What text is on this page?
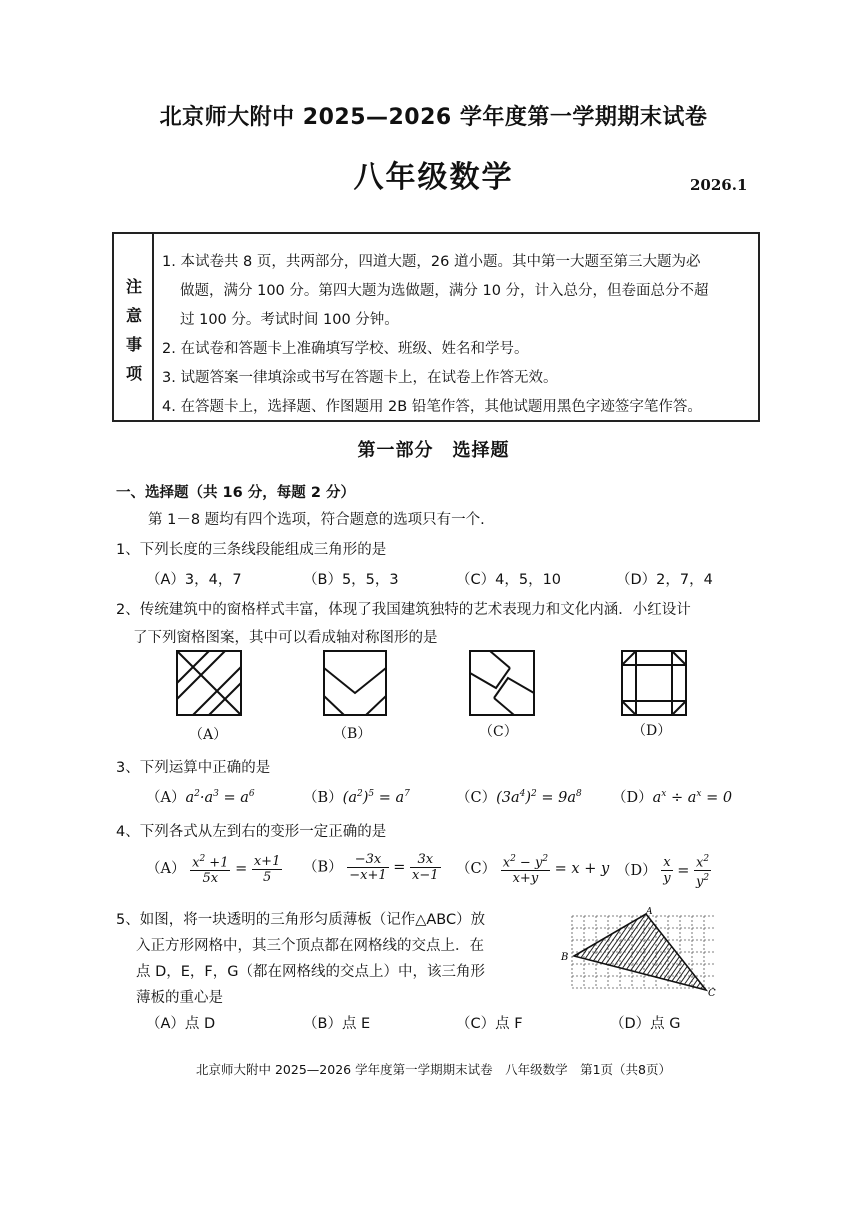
北京师大附中 2025—2026 学年度第一学期期末试卷
八年级数学	2026.1
注
意
事
项
1. 本试卷共 8 页，共两部分，四道大题，26 道小题。其中第一大题至第三大题为必
做题，满分 100 分。第四大题为选做题，满分 10 分，计入总分，但卷面总分不超
过 100 分。考试时间 100 分钟。
2. 在试卷和答题卡上准确填写学校、班级、姓名和学号。
3. 试题答案一律填涂或书写在答题卡上，在试卷上作答无效。
4. 在答题卡上，选择题、作图题用 2B 铅笔作答，其他试题用黑色字迹签字笔作答。
第一部分　选择题
一、选择题（共 16 分，每题 2 分）
第 1－8 题均有四个选项，符合题意的选项只有一个.
1、下列长度的三条线段能组成三角形的是
（A）3，4，7	（B）5，5，3	（C）4，5，10	（D）2，7，4
2、传统建筑中的窗格样式丰富，体现了我国建筑独特的艺术表现力和文化内涵．小红设计
了下列窗格图案，其中可以看成轴对称图形的是
（A）	（B）	（C）	（D）
3、下列运算中正确的是
$(A)a^2\cdot a^3 = a^6$	$(B)(a^2)^5 = a^7$	$(C)(3a^4)^2 = 9a^8$ $(D)a^x \div a^x = 0$
4、下列各式从左到右的变形一定正确的是
$(A) \frac{x^2 +1}{5x} = \frac{x+1}{5} (B) \frac{-3x}{-x+1} = \frac{3x}{x-1} (C) \frac{x^2 - y^2}{x+y} = x + y$ $(D) \frac{x}{y} = \frac{x^2}{y^2}$
5、如图，将一块透明的三角形匀质薄板（记作△ABC）放
入正方形网格中，其三个顶点都在网格线的交点上．在
点 D，E，F，G（都在网格线的交点上）中，该三角形
薄板的重心是
（A）点 D	（B）点 E	（C）点 F	（D）点 G
A
B
C
北京师大附中 2025—2026 学年度第一学期期末试卷　八年级数学　第1页（共8页）
